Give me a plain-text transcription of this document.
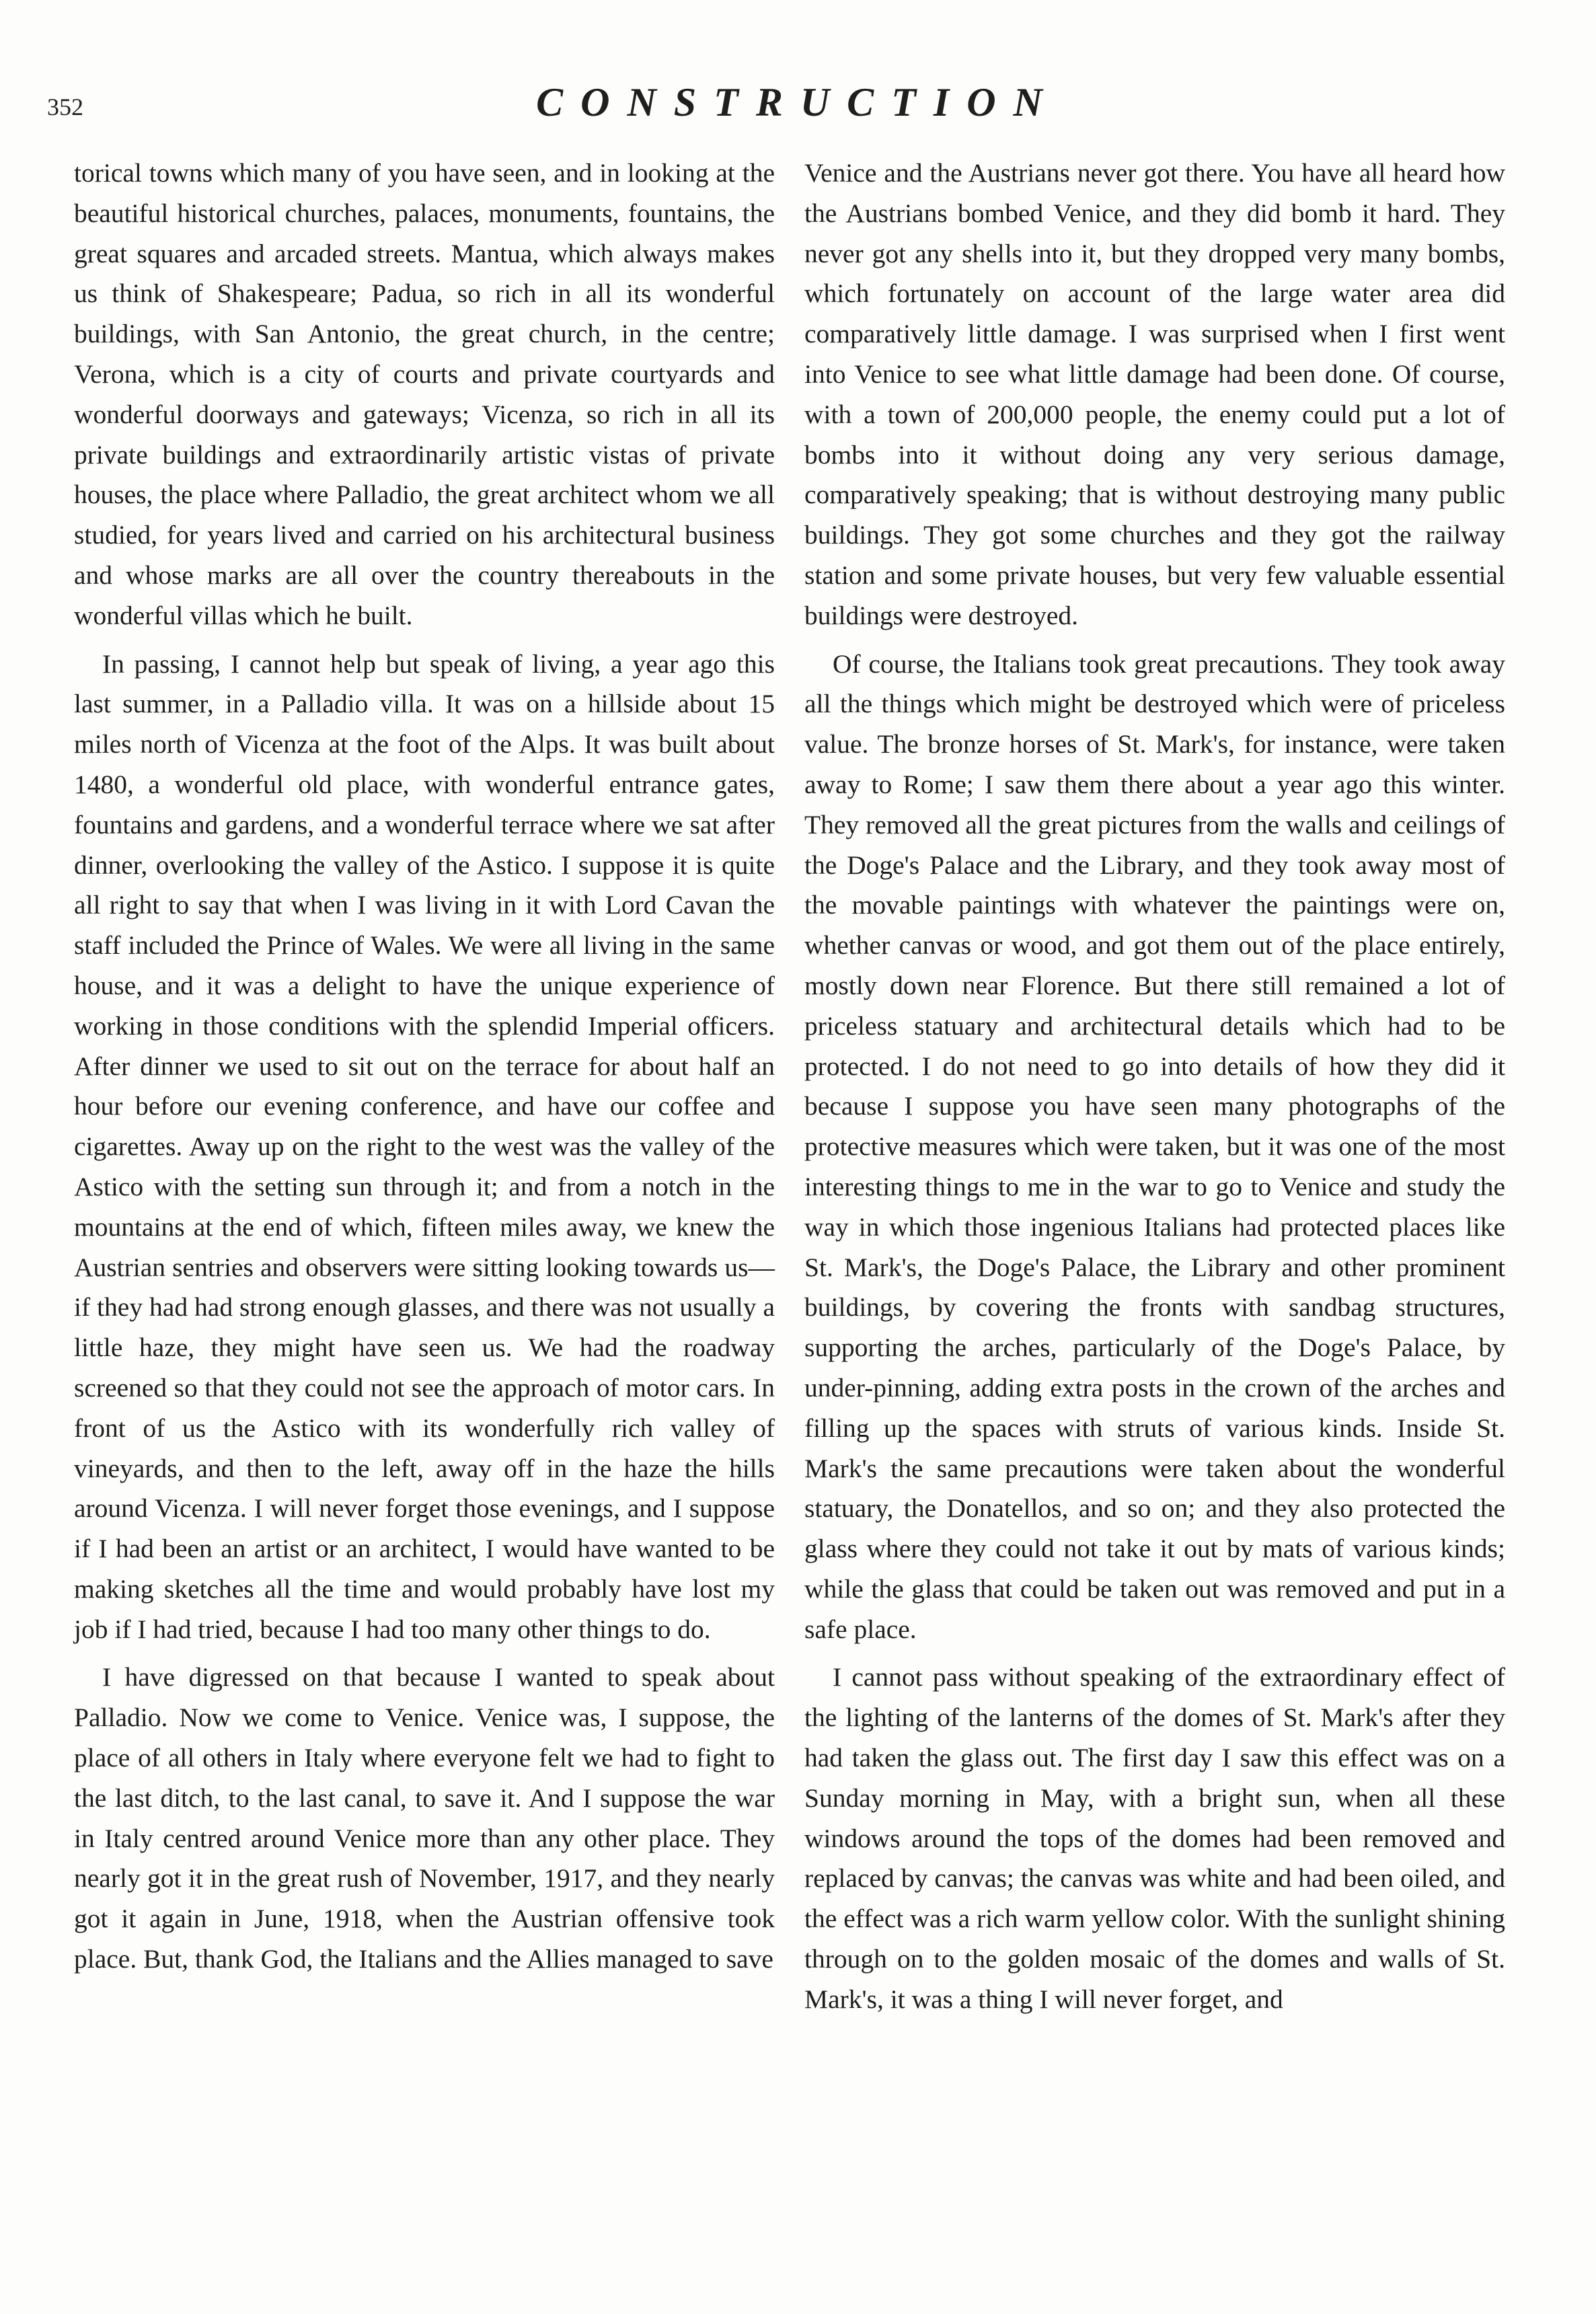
352	CONSTRUCTION

torical towns which many of you have seen, and in looking at the beautiful historical churches, palaces, monuments, fountains, the great squares and arcaded streets. Mantua, which always makes us think of Shakespeare; Padua, so rich in all its wonderful buildings, with San Antonio, the great church, in the centre; Verona, which is a city of courts and private courtyards and wonderful doorways and gateways; Vicenza, so rich in all its private buildings and extraordinarily artistic vistas of private houses, the place where Palladio, the great architect whom we all studied, for years lived and carried on his architectural business and whose marks are all over the country thereabouts in the wonderful villas which he built.

In passing, I cannot help but speak of living, a year ago this last summer, in a Palladio villa. It was on a hillside about 15 miles north of Vicenza at the foot of the Alps. It was built about 1480, a wonderful old place, with wonderful entrance gates, fountains and gardens, and a wonderful terrace where we sat after dinner, overlooking the valley of the Astico. I suppose it is quite all right to say that when I was living in it with Lord Cavan the staff included the Prince of Wales. We were all living in the same house, and it was a delight to have the unique experience of working in those conditions with the splendid Imperial officers. After dinner we used to sit out on the terrace for about half an hour before our evening conference, and have our coffee and cigarettes. Away up on the right to the west was the valley of the Astico with the setting sun through it; and from a notch in the mountains at the end of which, fifteen miles away, we knew the Austrian sentries and observers were sitting looking towards us—if they had had strong enough glasses, and there was not usually a little haze, they might have seen us. We had the roadway screened so that they could not see the approach of motor cars. In front of us the Astico with its wonderfully rich valley of vineyards, and then to the left, away off in the haze the hills around Vicenza. I will never forget those evenings, and I suppose if I had been an artist or an architect, I would have wanted to be making sketches all the time and would probably have lost my job if I had tried, because I had too many other things to do.

I have digressed on that because I wanted to speak about Palladio. Now we come to Venice. Venice was, I suppose, the place of all others in Italy where everyone felt we had to fight to the last ditch, to the last canal, to save it. And I suppose the war in Italy centred around Venice more than any other place. They nearly got it in the great rush of November, 1917, and they nearly got it again in June, 1918, when the Austrian offensive took place. But, thank God, the Italians and the Allies managed to save

Venice and the Austrians never got there. You have all heard how the Austrians bombed Venice, and they did bomb it hard. They never got any shells into it, but they dropped very many bombs, which fortunately on account of the large water area did comparatively little damage. I was surprised when I first went into Venice to see what little damage had been done. Of course, with a town of 200,000 people, the enemy could put a lot of bombs into it without doing any very serious damage, comparatively speaking; that is without destroying many public buildings. They got some churches and they got the railway station and some private houses, but very few valuable essential buildings were destroyed.

Of course, the Italians took great precautions. They took away all the things which might be destroyed which were of priceless value. The bronze horses of St. Mark's, for instance, were taken away to Rome; I saw them there about a year ago this winter. They removed all the great pictures from the walls and ceilings of the Doge's Palace and the Library, and they took away most of the movable paintings with whatever the paintings were on, whether canvas or wood, and got them out of the place entirely, mostly down near Florence. But there still remained a lot of priceless statuary and architectural details which had to be protected. I do not need to go into details of how they did it because I suppose you have seen many photographs of the protective measures which were taken, but it was one of the most interesting things to me in the war to go to Venice and study the way in which those ingenious Italians had protected places like St. Mark's, the Doge's Palace, the Library and other prominent buildings, by covering the fronts with sandbag structures, supporting the arches, particularly of the Doge's Palace, by under-pinning, adding extra posts in the crown of the arches and filling up the spaces with struts of various kinds. Inside St. Mark's the same precautions were taken about the wonderful statuary, the Donatellos, and so on; and they also protected the glass where they could not take it out by mats of various kinds; while the glass that could be taken out was removed and put in a safe place.

I cannot pass without speaking of the extraordinary effect of the lighting of the lanterns of the domes of St. Mark's after they had taken the glass out. The first day I saw this effect was on a Sunday morning in May, with a bright sun, when all these windows around the tops of the domes had been removed and replaced by canvas; the canvas was white and had been oiled, and the effect was a rich warm yellow color. With the sunlight shining through on to the golden mosaic of the domes and walls of St. Mark's, it was a thing I will never forget, and
